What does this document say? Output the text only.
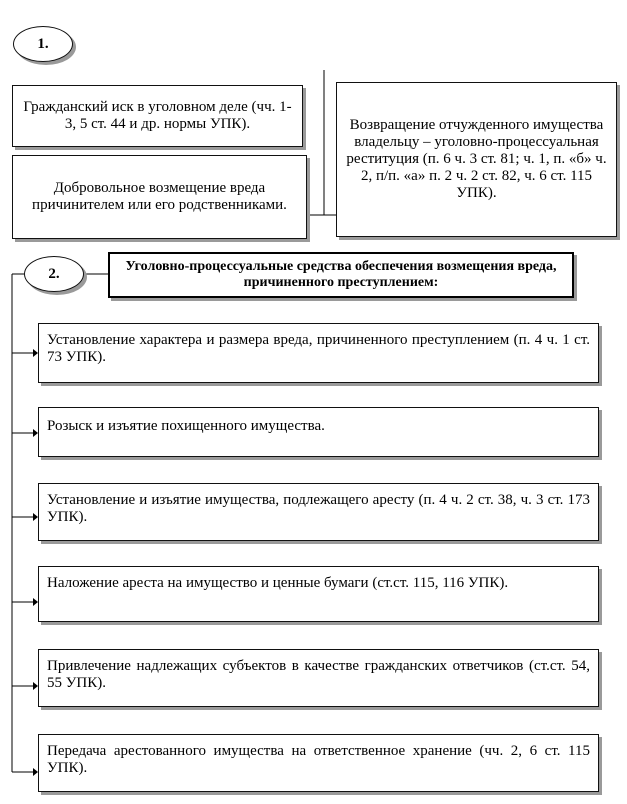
1.
Гражданский иск в уголовном деле (чч. 1-3, 5 ст. 44 и др. нормы УПК).
Добровольное возмещение вреда причинителем или его родственниками.
Возвращение отчужденного имущества владельцу – уголовно-процессуальная реституция (п. 6 ч. 3 ст. 81; ч. 1, п. «б» ч. 2, п/п. «а» п. 2 ч. 2 ст. 82, ч. 6 ст. 115 УПК).
2.	Уголовно-процессуальные средства обеспечения возмещения вреда, причиненного преступлением:
Установление характера и размера вреда, причиненного преступлением (п. 4 ч. 1 ст. 73 УПК).
Розыск и изъятие похищенного имущества.
Установление и изъятие имущества, подлежащего аресту (п. 4 ч. 2 ст. 38, ч. 3 ст. 173 УПК).
Наложение ареста на имущество и ценные бумаги (ст.ст. 115, 116 УПК).
Привлечение надлежащих субъектов в качестве гражданских ответчиков (ст.ст. 54, 55 УПК).
Передача арестованного имущества на ответственное хранение (чч. 2, 6 ст. 115 УПК).
